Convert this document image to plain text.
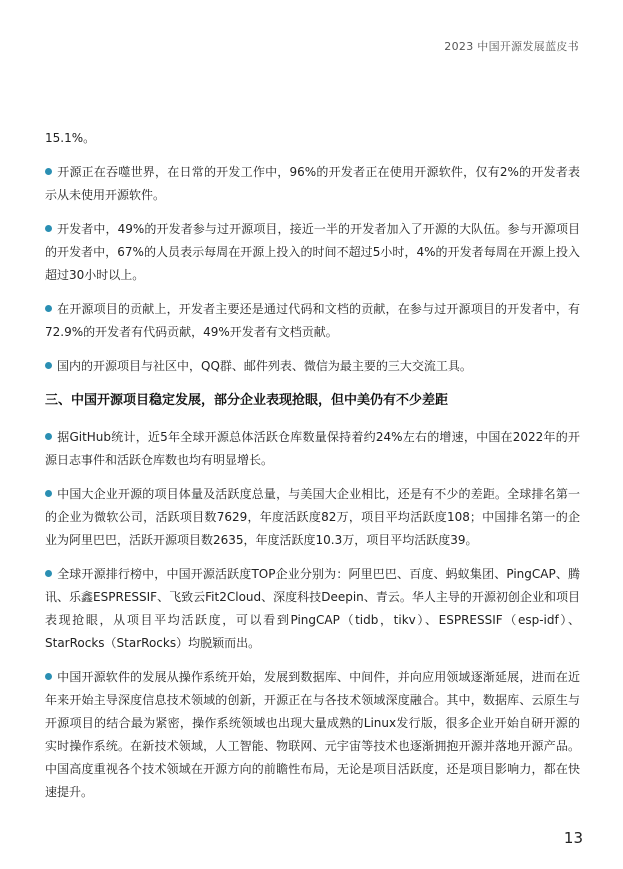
2023 中国开源发展蓝皮书

15.1%。

开源正在吞噬世界，在日常的开发工作中，96%的开发者正在使用开源软件，仅有2%的开发者表示从未使用开源软件。

开发者中，49%的开发者参与过开源项目，接近一半的开发者加入了开源的大队伍。参与开源项目的开发者中，67%的人员表示每周在开源上投入的时间不超过5小时，4%的开发者每周在开源上投入超过30小时以上。

在开源项目的贡献上，开发者主要还是通过代码和文档的贡献，在参与过开源项目的开发者中，有72.9%的开发者有代码贡献，49%开发者有文档贡献。

国内的开源项目与社区中，QQ群、邮件列表、微信为最主要的三大交流工具。

三、中国开源项目稳定发展，部分企业表现抢眼，但中美仍有不少差距

据GitHub统计，近5年全球开源总体活跃仓库数量保持着约24%左右的增速，中国在2022年的开源日志事件和活跃仓库数也均有明显增长。

中国大企业开源的项目体量及活跃度总量，与美国大企业相比，还是有不少的差距。全球排名第一的企业为微软公司，活跃项目数7629，年度活跃度82万，项目平均活跃度108；中国排名第一的企业为阿里巴巴，活跃开源项目数2635，年度活跃度10.3万，项目平均活跃度39。

全球开源排行榜中，中国开源活跃度TOP企业分别为：阿里巴巴、百度、蚂蚁集团、PingCAP、腾讯、乐鑫ESPRESSIF、飞致云Fit2Cloud、深度科技Deepin、青云。华人主导的开源初创企业和项目表现抢眼，从项目平均活跃度，可以看到PingCAP（tidb，tikv）、ESPRESSIF（esp-idf）、StarRocks（StarRocks）均脱颖而出。

中国开源软件的发展从操作系统开始，发展到数据库、中间件，并向应用领域逐渐延展，进而在近年来开始主导深度信息技术领域的创新，开源正在与各技术领域深度融合。其中，数据库、云原生与开源项目的结合最为紧密，操作系统领域也出现大量成熟的Linux发行版，很多企业开始自研开源的实时操作系统。在新技术领域，人工智能、物联网、元宇宙等技术也逐渐拥抱开源并落地开源产品。中国高度重视各个技术领域在开源方向的前瞻性布局，无论是项目活跃度，还是项目影响力，都在快速提升。

13
